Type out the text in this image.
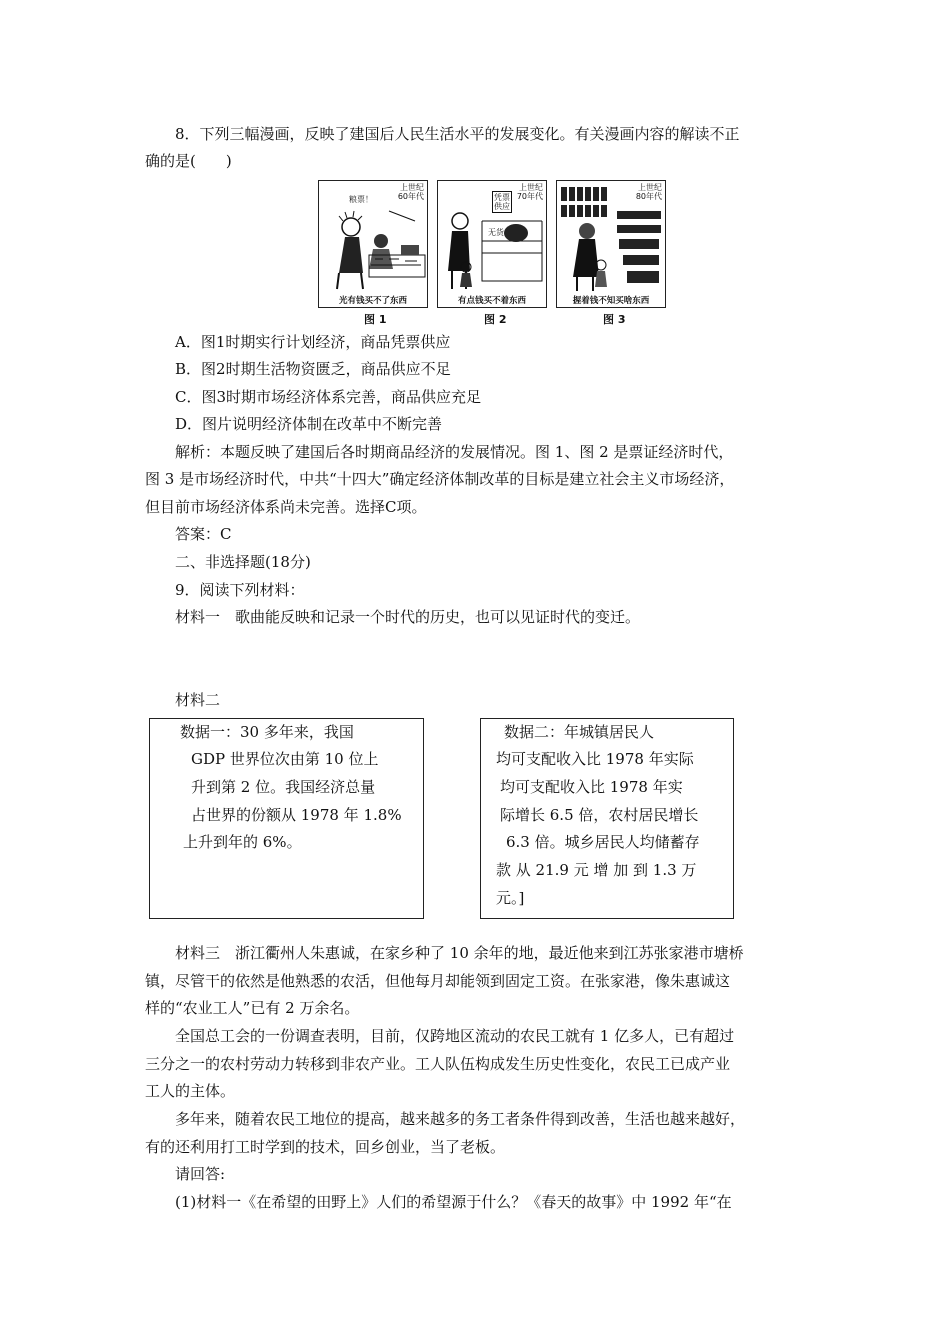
8．下列三幅漫画，反映了建国后人民生活水平的发展变化。有关漫画内容的解读不正
确的是(　　)
上世纪
60年代
粮票！
光有钱买不了东西
图 1
上世纪
70年代
凭票
供应
无货
有点钱买不着东西
图 2
上世纪
80年代
握着钱不知买啥东西
图 3
A．图1时期实行计划经济，商品凭票供应
B．图2时期生活物资匮乏，商品供应不足
C．图3时期市场经济体系完善，商品供应充足
D．图片说明经济体制在改革中不断完善
解析：本题反映了建国后各时期商品经济的发展情况。图 1、图 2 是票证经济时代，
图 3 是市场经济时代，中共“十四大”确定经济体制改革的目标是建立社会主义市场经济，
但目前市场经济体系尚未完善。选择C项。
答案：C
二、非选择题(18分)
9．阅读下列材料：
材料一　歌曲能反映和记录一个时代的历史，也可以见证时代的变迁。
材料二
数据一：30 多年来，我国
GDP 世界位次由第 10 位上
升到第 2 位。我国经济总量
占世界的份额从 1978 年 1.8%
上升到年的 6%。
数据二：年城镇居民人
均可支配收入比 1978 年实际
均可支配收入比 1978 年实
际增长 6.5 倍，农村居民增长
6.3 倍。城乡居民人均储蓄存
款 从 21.9 元 增 加 到 1.3 万
元。]
材料三　浙江衢州人朱惠诚，在家乡种了 10 余年的地，最近他来到江苏张家港市塘桥
镇，尽管干的依然是他熟悉的农活，但他每月却能领到固定工资。在张家港，像朱惠诚这
样的“农业工人”已有 2 万余名。
全国总工会的一份调查表明，目前，仅跨地区流动的农民工就有 1 亿多人，已有超过
三分之一的农村劳动力转移到非农产业。工人队伍构成发生历史性变化，农民工已成产业
工人的主体。
多年来，随着农民工地位的提高，越来越多的务工者条件得到改善，生活也越来越好，
有的还利用打工时学到的技术，回乡创业，当了老板。
请回答:
(1)材料一《在希望的田野上》人们的希望源于什么？《春天的故事》中 1992 年“在
